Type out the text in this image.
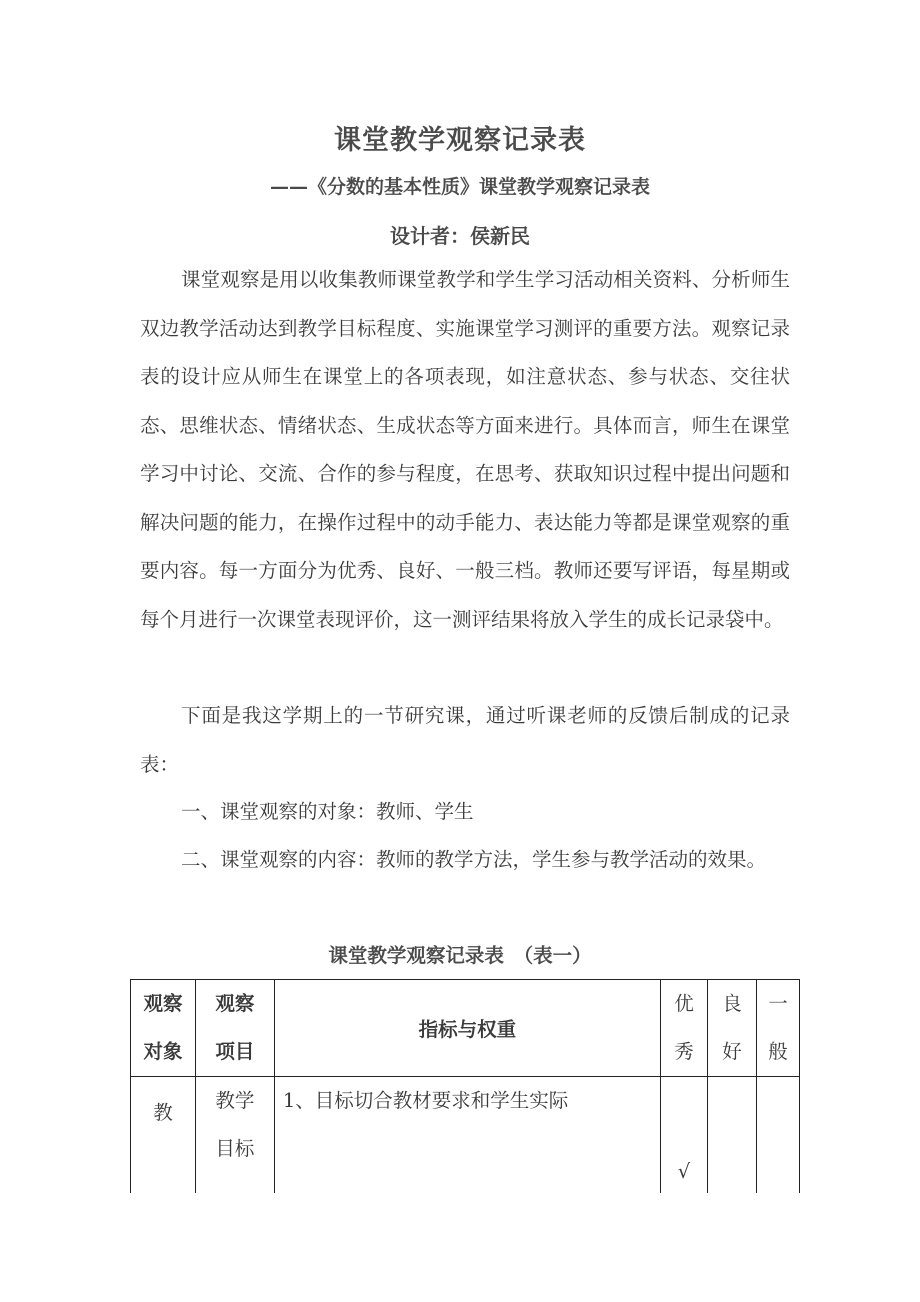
课堂教学观察记录表
——《分数的基本性质》课堂教学观察记录表
设计者：侯新民
课堂观察是用以收集教师课堂教学和学生学习活动相关资料、分析师生双边教学活动达到教学目标程度、实施课堂学习测评的重要方法。观察记录表的设计应从师生在课堂上的各项表现，如注意状态、参与状态、交往状态、思维状态、情绪状态、生成状态等方面来进行。具体而言，师生在课堂学习中讨论、交流、合作的参与程度，在思考、获取知识过程中提出问题和解决问题的能力，在操作过程中的动手能力、表达能力等都是课堂观察的重要内容。每一方面分为优秀、良好、一般三档。教师还要写评语，每星期或每个月进行一次课堂表现评价，这一测评结果将放入学生的成长记录袋中。
下面是我这学期上的一节研究课，通过听课老师的反馈后制成的记录表：
一、课堂观察的对象：教师、学生
二、课堂观察的内容：教师的教学方法，学生参与教学活动的效果。
课堂教学观察记录表　（表一）
观察对象	观察项目	指标与权重	优秀	良好	一般

教	教学目标	1、目标切合教材要求和学生实际	√		
